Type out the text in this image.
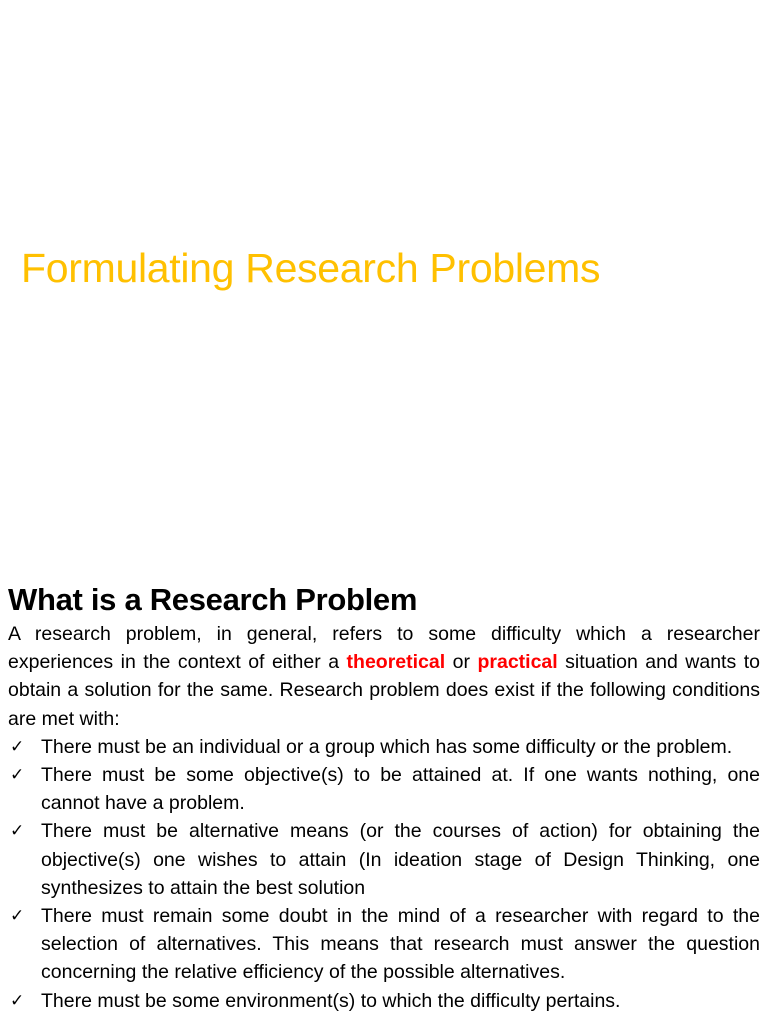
Formulating Research Problems
What is a Research Problem

A research problem, in general, refers to some difficulty which a researcher experiences in the context of either a theoretical or practical situation and wants to obtain a solution for the same. Research problem does exist if the following conditions are met with:

✓ There must be an individual or a group which has some difficulty or the problem.
✓ There must be some objective(s) to be attained at. If one wants nothing, one cannot have a problem.
✓ There must be alternative means (or the courses of action) for obtaining the objective(s) one wishes to attain (In ideation stage of Design Thinking, one synthesizes to attain the best solution
✓ There must remain some doubt in the mind of a researcher with regard to the selection of alternatives. This means that research must answer the question concerning the relative efficiency of the possible alternatives.
✓ There must be some environment(s) to which the difficulty pertains.
